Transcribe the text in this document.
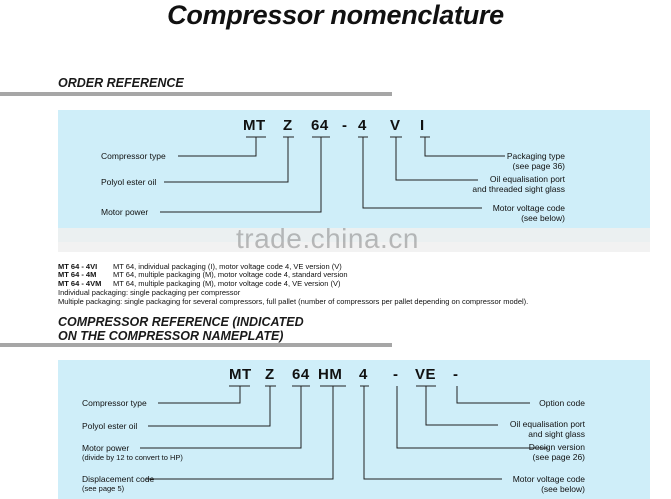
Compressor nomenclature
ORDER REFERENCE
MT Z 64 - 4 V I
Compressor type
Polyol ester oil
Motor power
Packaging type
(see page 36)
Oil equalisation port
and threaded sight glass
Motor voltage code
(see below)
trade.china.cn
MT 64 - 4VI MT 64, individual packaging (I), motor voltage code 4, VE version (V)
MT 64 - 4M MT 64, multiple packaging (M), motor voltage code 4, standard version
MT 64 - 4VM MT 64, multiple packaging (M), motor voltage code 4, VE version (V)
Individual packaging: single packaging per compressor
Multiple packaging: single packaging for several compressors, full pallet (number of compressors per pallet depending on compressor model).
COMPRESSOR REFERENCE (INDICATED
ON THE COMPRESSOR NAMEPLATE)
MT Z 64 HM 4 - VE -
Compressor type
Polyol ester oil
Motor power
(divide by 12 to convert to HP)
Displacement code
(see page 5)
Option code
Oil equalisation port
and sight glass
Design version
(see page 26)
Motor voltage code
(see below)
